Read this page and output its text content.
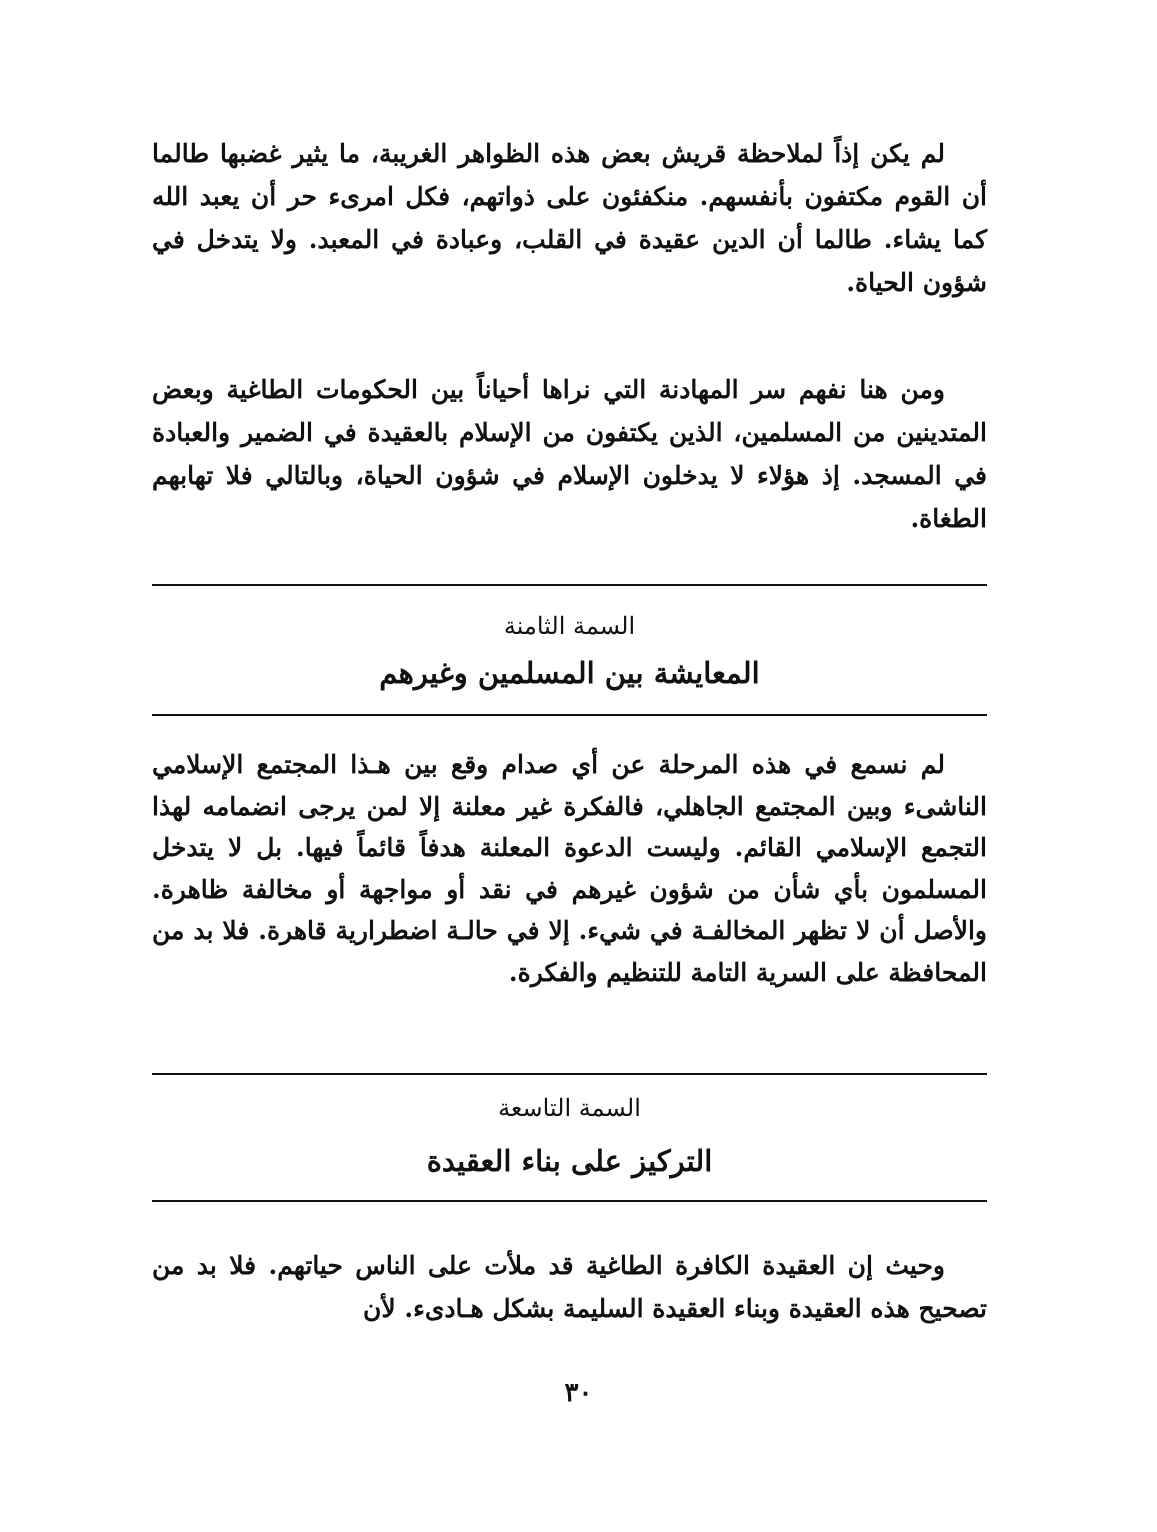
لم يكن إذاً لملاحظة قريش بعض هذه الظواهر الغريبة، ما يثير غضبها طالما أن القوم مكتفون بأنفسهم. منكفئون على ذواتهم، فكل امرىء حر أن يعبد الله كما يشاء. طالما أن الدين عقيدة في القلب، وعبادة في المعبد. ولا يتدخل في شؤون الحياة.

ومن هنا نفهم سر المهادنة التي نراها أحياناً بين الحكومات الطاغية وبعض المتدينين من المسلمين، الذين يكتفون من الإسلام بالعقيدة في الضمير والعبادة في المسجد. إذ هؤلاء لا يدخلون الإسلام في شؤون الحياة، وبالتالي فلا تهابهم الطغاة.

السمة الثامنة
المعايشة بين المسلمين وغيرهم

لم نسمع في هذه المرحلة عن أي صدام وقع بين هـذا المجتمع الإسلامي الناشىء وبين المجتمع الجاهلي، فالفكرة غير معلنة إلا لمن يرجى انضمامه لهذا التجمع الإسلامي القائم. وليست الدعوة المعلنة هدفاً قائماً فيها. بل لا يتدخل المسلمون بأي شأن من شؤون غيرهم في نقد أو مواجهة أو مخالفة ظاهرة. والأصل أن لا تظهر المخالفـة في شيء. إلا في حالـة اضطرارية قاهرة. فلا بد من المحافظة على السرية التامة للتنظيم والفكرة.

السمة التاسعة
التركيز على بناء العقيدة

وحيث إن العقيدة الكافرة الطاغية قد ملأت على الناس حياتهم. فلا بد من تصحيح هذه العقيدة وبناء العقيدة السليمة بشكل هـادىء. لأن

٣٠
